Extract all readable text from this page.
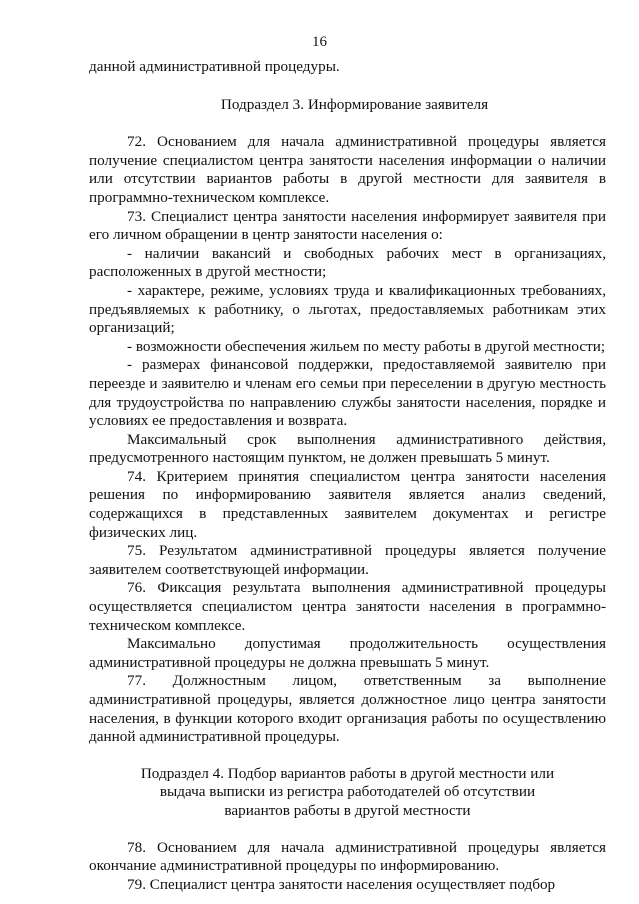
16

данной административной процедуры.

Подраздел 3. Информирование заявителя

72. Основанием для начала административной процедуры является получение специалистом центра занятости населения информации о наличии или отсутствии вариантов работы в другой местности для заявителя в программно-техническом комплексе.

73. Специалист центра занятости населения информирует заявителя при его личном обращении в центр занятости населения о:

- наличии вакансий и свободных рабочих мест в организациях, расположенных в другой местности;

- характере, режиме, условиях труда и квалификационных требованиях, предъявляемых к работнику, о льготах, предоставляемых работникам этих организаций;

- возможности обеспечения жильем по месту работы в другой местности;

- размерах финансовой поддержки, предоставляемой заявителю при переезде и заявителю и членам его семьи при переселении в другую местность для трудоустройства по направлению службы занятости населения, порядке и условиях ее предоставления и возврата.

Максимальный срок выполнения административного действия, предусмотренного настоящим пунктом, не должен превышать 5 минут.

74. Критерием принятия специалистом центра занятости населения решения по информированию заявителя является анализ сведений, содержащихся в представленных заявителем документах и регистре физических лиц.

75. Результатом административной процедуры является получение заявителем соответствующей информации.

76. Фиксация результата выполнения административной процедуры осуществляется специалистом центра занятости населения в программно-техническом комплексе.

Максимально допустимая продолжительность осуществления административной процедуры не должна превышать 5 минут.

77. Должностным лицом, ответственным за выполнение административной процедуры, является должностное лицо центра занятости населения, в функции которого входит организация работы по осуществлению данной административной процедуры.

Подраздел 4. Подбор вариантов работы в другой местности или
выдача выписки из регистра работодателей об отсутствии
вариантов работы в другой местности

78. Основанием для начала административной процедуры является окончание административной процедуры по информированию.

79. Специалист центра занятости населения осуществляет подбор
